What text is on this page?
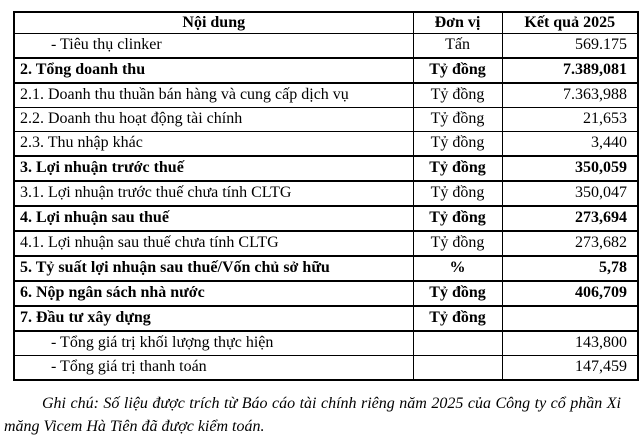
Nội dung	Đơn vị	Kết quả 2025
- Tiêu thụ clinker	Tấn	569.175
2. Tổng doanh thu	Tỷ đồng	7.389,081
2.1. Doanh thu thuần bán hàng và cung cấp dịch vụ	Tỷ đồng	7.363,988
2.2. Doanh thu hoạt động tài chính	Tỷ đồng	21,653
2.3. Thu nhập khác	Tỷ đồng	3,440
3. Lợi nhuận trước thuế	Tỷ đồng	350,059
3.1. Lợi nhuận trước thuế chưa tính CLTG	Tỷ đồng	350,047
4. Lợi nhuận sau thuế	Tỷ đồng	273,694
4.1. Lợi nhuận sau thuế chưa tính CLTG	Tỷ đồng	273,682
5. Tỷ suất lợi nhuận sau thuế/Vốn chủ sở hữu	%	5,78
6. Nộp ngân sách nhà nước	Tỷ đồng	406,709
7. Đầu tư xây dựng	Tỷ đồng	
- Tổng giá trị khối lượng thực hiện		143,800
- Tổng giá trị thanh toán		147,459

Ghi chú: Số liệu được trích từ Báo cáo tài chính riêng năm 2025 của Công ty cổ phần Xi măng Vicem Hà Tiên đã được kiểm toán.
